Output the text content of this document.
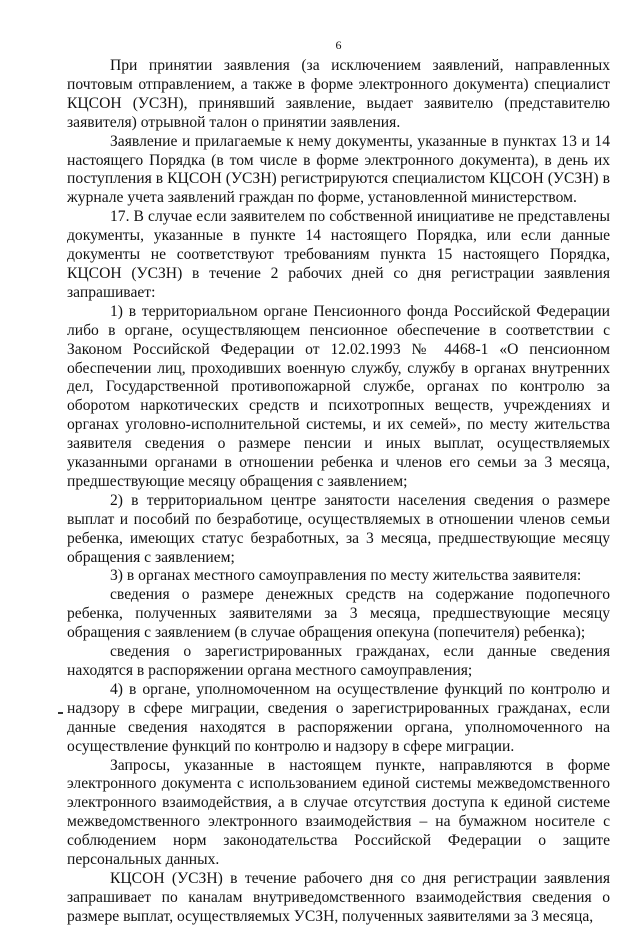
6

При принятии заявления (за исключением заявлений, направленных почтовым отправлением, а также в форме электронного документа) специалист КЦСОН (УСЗН), принявший заявление, выдает заявителю (представителю заявителя) отрывной талон о принятии заявления.

Заявление и прилагаемые к нему документы, указанные в пунктах 13 и 14 настоящего Порядка (в том числе в форме электронного документа), в день их поступления в КЦСОН (УСЗН) регистрируются специалистом КЦСОН (УСЗН) в журнале учета заявлений граждан по форме, установленной министерством.

17. В случае если заявителем по собственной инициативе не представлены документы, указанные в пункте 14 настоящего Порядка, или если данные документы не соответствуют требованиям пункта 15 настоящего Порядка, КЦСОН (УСЗН) в течение 2 рабочих дней со дня регистрации заявления запрашивает:

1) в территориальном органе Пенсионного фонда Российской Федерации либо в органе, осуществляющем пенсионное обеспечение в соответствии с Законом Российской Федерации от 12.02.1993 № 4468-1 «О пенсионном обеспечении лиц, проходивших военную службу, службу в органах внутренних дел, Государственной противопожарной службе, органах по контролю за оборотом наркотических средств и психотропных веществ, учреждениях и органах уголовно-исполнительной системы, и их семей», по месту жительства заявителя сведения о размере пенсии и иных выплат, осуществляемых указанными органами в отношении ребенка и членов его семьи за 3 месяца, предшествующие месяцу обращения с заявлением;

2) в территориальном центре занятости населения сведения о размере выплат и пособий по безработице, осуществляемых в отношении членов семьи ребенка, имеющих статус безработных, за 3 месяца, предшествующие месяцу обращения с заявлением;

3) в органах местного самоуправления по месту жительства заявителя:

сведения о размере денежных средств на содержание подопечного ребенка, полученных заявителями за 3 месяца, предшествующие месяцу обращения с заявлением (в случае обращения опекуна (попечителя) ребенка);

сведения о зарегистрированных гражданах, если данные сведения находятся в распоряжении органа местного самоуправления;

4) в органе, уполномоченном на осуществление функций по контролю и надзору в сфере миграции, сведения о зарегистрированных гражданах, если данные сведения находятся в распоряжении органа, уполномоченного на осуществление функций по контролю и надзору в сфере миграции.

Запросы, указанные в настоящем пункте, направляются в форме электронного документа с использованием единой системы межведомственного электронного взаимодействия, а в случае отсутствия доступа к единой системе межведомственного электронного взаимодействия – на бумажном носителе с соблюдением норм законодательства Российской Федерации о защите персональных данных.

КЦСОН (УСЗН) в течение рабочего дня со дня регистрации заявления запрашивает по каналам внутриведомственного взаимодействия сведения о размере выплат, осуществляемых УСЗН, полученных заявителями за 3 месяца,
